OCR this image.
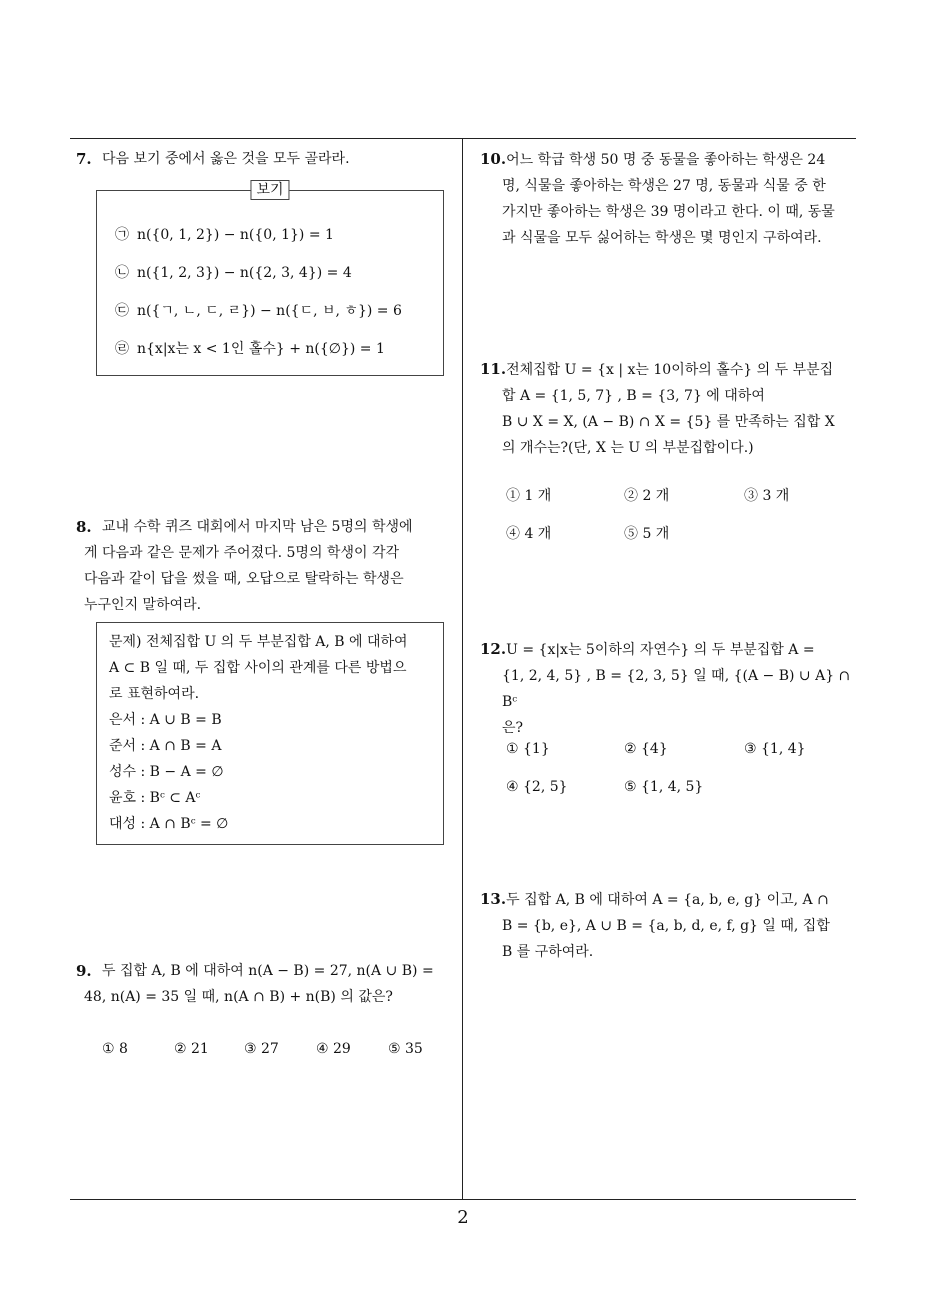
7. 다음 보기 중에서 옳은 것을 모두 골라라.
보기
㉠ n({0, 1, 2}) − n({0, 1}) = 1
㉡ n({1, 2, 3}) − n({2, 3, 4}) = 4
㉢ n({ㄱ, ㄴ, ㄷ, ㄹ}) − n({ㄷ, ㅂ, ㅎ}) = 6
㉣ n{x|x는 x < 1인 홀수} + n({∅}) = 1
8. 교내 수학 퀴즈 대회에서 마지막 남은 5명의 학생에
게 다음과 같은 문제가 주어졌다. 5명의 학생이 각각
다음과 같이 답을 썼을 때, 오답으로 탈락하는 학생은
누구인지 말하여라.
문제) 전체집합 U 의 두 부분집합 A, B 에 대하여
A ⊂ B 일 때, 두 집합 사이의 관계를 다른 방법으
로 표현하여라.
은서 : A ∪ B = B
준서 : A ∩ B = A
성수 : B − A = ∅
윤호 : Bᶜ ⊂ Aᶜ
대성 : A ∩ Bᶜ = ∅
9. 두 집합 A, B 에 대하여 n(A − B) = 27, n(A ∪ B) =
48, n(A) = 35 일 때, n(A ∩ B) + n(B) 의 값은?
① 8	② 21	③ 27	④ 29	⑤ 35
10.어느 학급 학생 50 명 중 동물을 좋아하는 학생은 24
명, 식물을 좋아하는 학생은 27 명, 동물과 식물 중 한
가지만 좋아하는 학생은 39 명이라고 한다. 이 때, 동물
과 식물을 모두 싫어하는 학생은 몇 명인지 구하여라.
11.전체집합 U = {x | x는 10이하의 홀수} 의 두 부분집
합 A = {1, 5, 7} , B = {3, 7} 에 대하여
B ∪ X = X, (A − B) ∩ X = {5} 를 만족하는 집합 X
의 개수는?(단, X 는 U 의 부분집합이다.)
① 1 개	② 2 개	③ 3 개
④ 4 개	⑤ 5 개
12.U = {x|x는 5이하의 자연수} 의 두 부분집합 A =
{1, 2, 4, 5} , B = {2, 3, 5} 일 때, {(A − B) ∪ A} ∩ Bᶜ
은?
① {1}	② {4}	③ {1, 4}
④ {2, 5}	⑤ {1, 4, 5}
13.두 집합 A, B 에 대하여 A = {a, b, e, g} 이고, A ∩
B = {b, e}, A ∪ B = {a, b, d, e, f, g} 일 때, 집합
B 를 구하여라.
2
